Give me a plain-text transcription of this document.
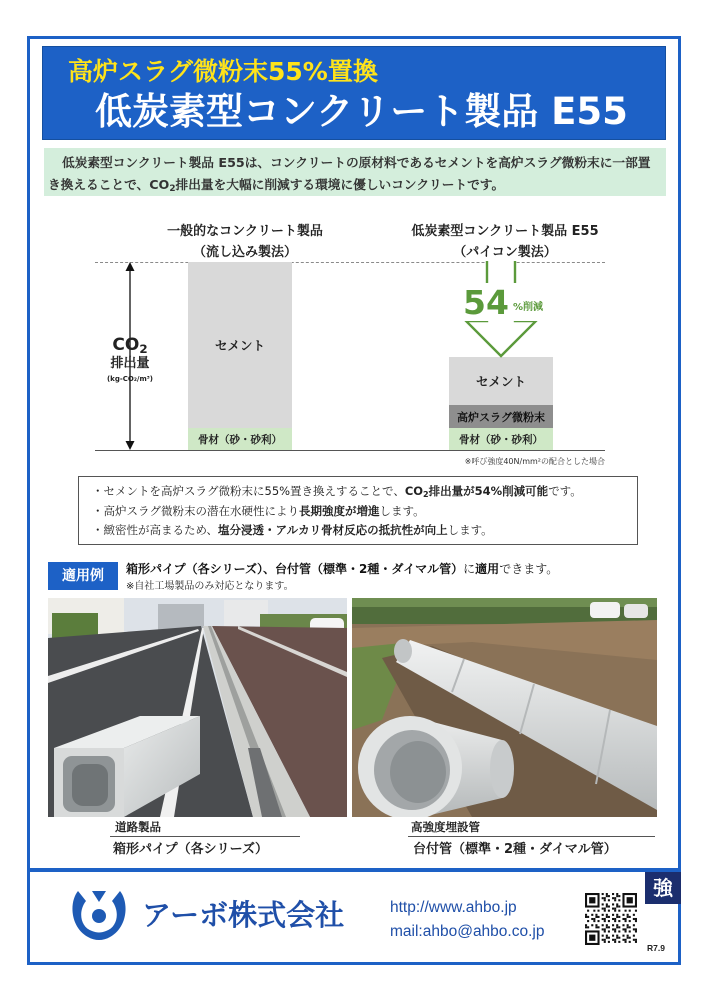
高炉スラグ微粉末55%置換
低炭素型コンクリート製品 E55
低炭素型コンクリート製品 E55は、コンクリートの原材料であるセメントを高炉スラグ微粉末に一部置
き換えることで、$CO_2$排出量を大幅に削減する環境に優しいコンクリートです。
一般的なコンクリート製品
（流し込み製法）
低炭素型コンクリート製品 E55
（パイコン製法）
$CO_2$
排出量
(kg-CO₂/m³)
セメント
骨材（砂・砂利）
セメント
高炉スラグ微粉末
骨材（砂・砂利）
54 %削減
※呼び強度40N/mm²の配合とした場合
・セメントを高炉スラグ微粉末に55%置き換えすることで、$CO_2$排出量が54%削減可能です。
・高炉スラグ微粉末の潜在水硬性により長期強度が増進します。
・緻密性が高まるため、塩分浸透・アルカリ骨材反応の抵抗性が向上します。
適用例	箱形パイプ（各シリーズ）、台付管（標準・2種・ダイマル管）に適用できます。
※自社工場製品のみ対応となります。
道路製品
箱形パイプ（各シリーズ）
高強度埋設管
台付管（標準・2種・ダイマル管）
アーボ株式会社	http://www.ahbo.jp
mail:ahbo@ahbo.co.jp
強
R7.9
